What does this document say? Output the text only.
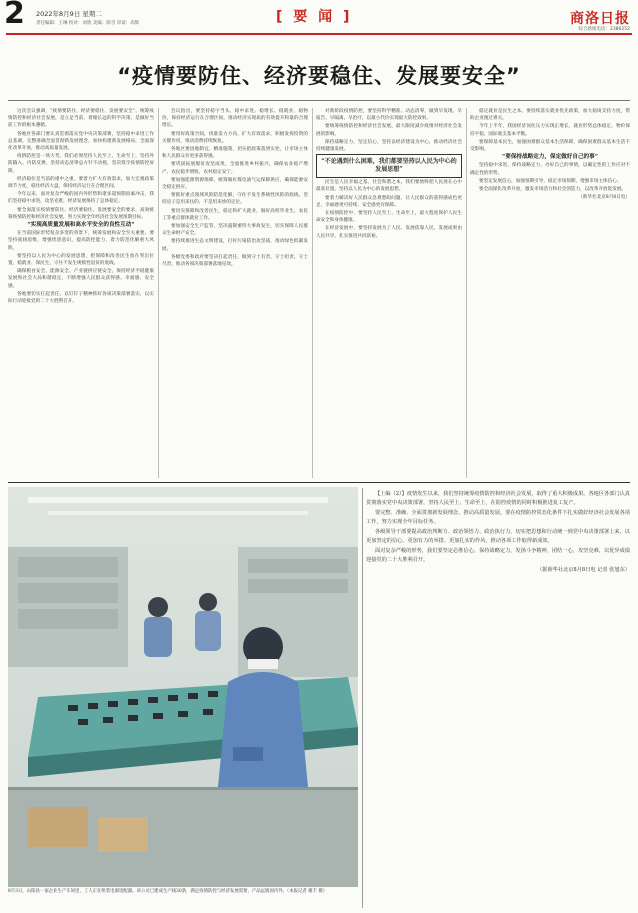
2 2022年8月9日 星期二
责任编辑：王琳 校对：刘欣 美编：陈雪 审读：高辉	[ 要 闻 ]	商洛日报
综合新闻电话：2386252
“疫情要防住、经济要稳住、发展要安全”

这次会议强调，“疫情要防住、经济要稳住、发展要安全”。统筹疫情防控和经济社会发展，是立足当前、着眼长远的科学决策，是做好当前工作的根本遵循。

各地区各部门要认真贯彻落实党中央决策部署，坚持稳中求进工作总基调，完整准确全面贯彻新发展理念，加快构建新发展格局，全面深化改革开放，推动高质量发展。

疫情防控是一场大考。我们必须坚持人民至上、生命至上，坚持外防输入、内防反弹，坚持动态清零总方针不动摇，坚决筑牢疫情防控屏障。

经济稳住是当前的重中之重。要着力扩大有效需求，加大宏观政策调节力度，稳住经济大盘，保持经济运行在合理区间。

今年以来，面对复杂严峻的国内外形势和诸多超预期因素冲击，我们坚持稳中求进，攻坚克难，经济发展保持了总体稳定。

要全面落实疫情要防住、经济要稳住、发展要安全的要求，高效统筹疫情防控和经济社会发展，努力实现全年经济社会发展预期目标。

“实现高质量发展和高水平安全的良性互动”

在当前国际形势复杂多变的背景下，统筹发展和安全至关重要。要坚持底线思维，增强忧患意识，提高防控能力，着力防范化解重大风险。

要坚持以人民为中心的发展思想，把保障和改善民生放在突出位置，稳就业、保民生，守住不发生规模性返贫的底线。

确保粮食安全、能源安全、产业链供应链安全，保持经济平稳健康发展和社会大局和谐稳定，不断增强人民群众获得感、幸福感、安全感。

各地要切实扛起责任，以钉钉子精神抓好各项决策部署落实，以实际行动迎接党的二十大胜利召开。

会议指出，要坚持稳字当头、稳中求进。稳增长、稳就业、稳物价，保持经济运行在合理区间，推动经济实现质的有效提升和量的合理增长。

要用好政策空间，找准发力方向，扩大有效需求，积极发挥投资的关键作用，推动消费持续恢复。

各地区要因地制宜，精准施策，切实把政策落到实处，让市场主体和人民群众有更多获得感。

要巩固拓展脱贫攻坚成果，全面推进乡村振兴，确保农业稳产增产、农民稳步增收、农村稳定安宁。

要加强能源资源保障，统筹做好煤电油气运保障供应，确保能源安全稳定供应。

要抓好重点领域风险防范化解，守住不发生系统性风险的底线。坚持房子是用来住的、不是用来炒的定位。

要切实保障和改善民生，稳定和扩大就业，做好高校毕业生、农民工等重点群体就业工作。

要加强安全生产监管，坚决遏制重特大事故发生，切实保障人民群众生命财产安全。

要持续推进生态文明建设，打好污染防治攻坚战，推动绿色低碳发展。

各级党委和政府要坚决扛起责任，做到守土有责、守土担责、守土尽责，推动各项决策部署落地见效。

对新阶段疫情防控，要坚持科学精准、动态清零，做到早发现、早报告、早隔离、早治疗，以最小代价实现最大防控效果。

要统筹疫情防控和经济社会发展，最大限度减少疫情对经济社会发展的影响。

保持战略定力，坚定信心，坚持以经济建设为中心，推动经济社会持续健康发展。

“不论遇到什么困难，我们都要坚持以人民为中心的发展思想”

民生是人民幸福之基、社会和谐之本。我们要始终把人民放在心中最高位置，坚持以人民为中心的发展思想。

要着力解决好人民群众急难愁盼问题，让人民群众的获得感成色更足、幸福感更可持续、安全感更有保障。

在疫情防控中，要坚持人民至上、生命至上，最大程度保护人民生命安全和身体健康。

在经济发展中，要坚持发展为了人民、发展依靠人民、发展成果由人民共享，扎实推进共同富裕。

稳定就业是民生之本。要持续落实就业优先政策，加大稳岗支持力度，帮助企业渡过难关。

今年上半年，我国经济顶住压力实现正增长，就业形势总体稳定，物价保持平稳，国际收支基本平衡。

要保障基本民生，加强困难群众基本生活保障，确保困难群众基本生活不受影响。

“要保持战略定力，保定做好自己的事”

坚持稳中求进，保持战略定力，办好自己的事情，以确定性的工作应对不确定性的形势。

要坚定发展信心，加强预期引导，稳定市场预期，增强市场主体信心。

要全面深化改革开放，激发市场活力和社会创造力，以改革开放促发展。

（新华社北京8月8日电）

8月3日，山阳县一家企业生产车间里，工人正在组装电源适配器。该公司已建成生产线30条，满足疫情防控与经济发展需要，产品远销国内外。（本报记者 谢丰 摄）

【上编（2）】疫情发生以来，我们坚持统筹疫情防控和经济社会发展，取得了重大积极成果。各地区各部门认真贯彻落实党中央决策部署，坚持人民至上、生命至上，在防控疫情的同时积极推进复工复产。

要完整、准确、全面贯彻新发展理念，推动高质量发展。要在疫情防控常态化条件下扎实做好经济社会发展各项工作，努力实现全年目标任务。

各级领导干部要提高政治判断力、政治领悟力、政治执行力，切实把思想和行动统一到党中央决策部署上来，以更加坚定的信心、更加有力的举措、更加扎实的作风，推动各项工作取得新成效。

面对复杂严峻的形势，我们要坚定必胜信心，保持战略定力，发扬斗争精神，团结一心，攻坚克难，以优异成绩迎接党的二十大胜利召开。

（据新华社北京8月8日电 记者 张旭东）
